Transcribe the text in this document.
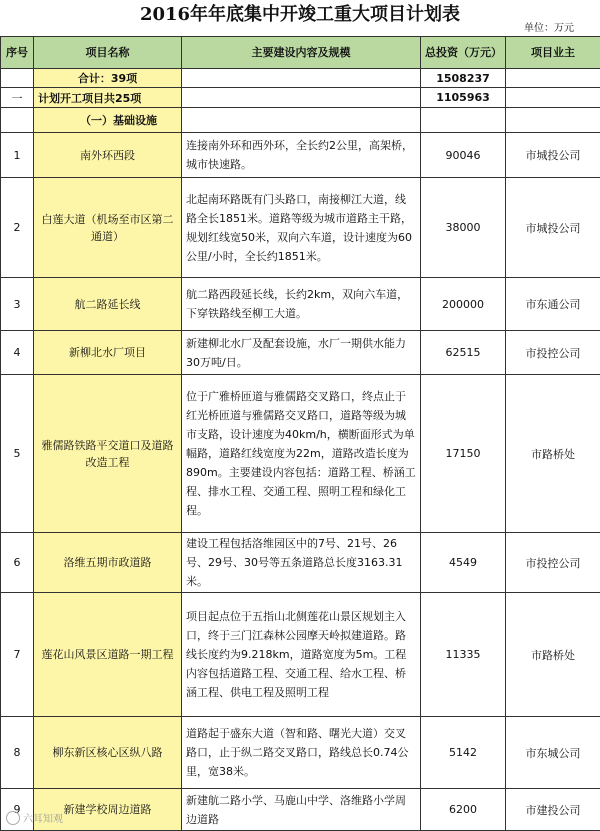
2016年年底集中开竣工重大项目计划表
单位：万元
序号	项目名称	主要建设内容及规模	总投资（万元）	项目业主
	合计：39项		1508237	
一	计划开工项目共25项		1105963	
	（一）基础设施			
1	南外环西段	连接南外环和西外环，全长约2公里，高架桥，城市快速路。	90046	市城投公司
2	白莲大道（机场至市区第二通道）	北起南环路既有门头路口，南接柳江大道，线路全长1851米。道路等级为城市道路主干路，规划红线宽50米，双向六车道，设计速度为60公里/小时，全长约1851米。	38000	市城投公司
3	航二路延长线	航二路西段延长线，长约2km，双向六车道，下穿铁路线至柳工大道。	200000	市东通公司
4	新柳北水厂项目	新建柳北水厂及配套设施，水厂一期供水能力30万吨/日。	62515	市投控公司
5	雅儒路铁路平交道口及道路改造工程	位于广雅桥匝道与雅儒路交叉路口，终点止于红光桥匝道与雅儒路交叉路口，道路等级为城市支路，设计速度为40km/h，横断面形式为单幅路，道路红线宽度为22m，道路改造长度为890m。主要建设内容包括：道路工程、桥涵工程、排水工程、交通工程、照明工程和绿化工程。	17150	市路桥处
6	洛维五期市政道路	建设工程包括洛维园区中的7号、21号、26号、29号、30号等五条道路总长度3163.31米。	4549	市投控公司
7	莲花山风景区道路一期工程	项目起点位于五指山北侧莲花山景区规划主入口，终于三门江森林公园摩天岭拟建道路。路线长度约为9.218km，道路宽度为5m。工程内容包括道路工程、交通工程、给水工程、桥涵工程、供电工程及照明工程	11335	市路桥处
8	柳东新区核心区纵八路	道路起于盛东大道（智和路、曙光大道）交叉路口，止于纵二路交叉路口，路线总长0.74公里，宽38米。	5142	市东城公司
9	新建学校周边道路	新建航二路小学、马鹿山中学、洛维路小学周边道路	6200	市建投公司
六耳知观
